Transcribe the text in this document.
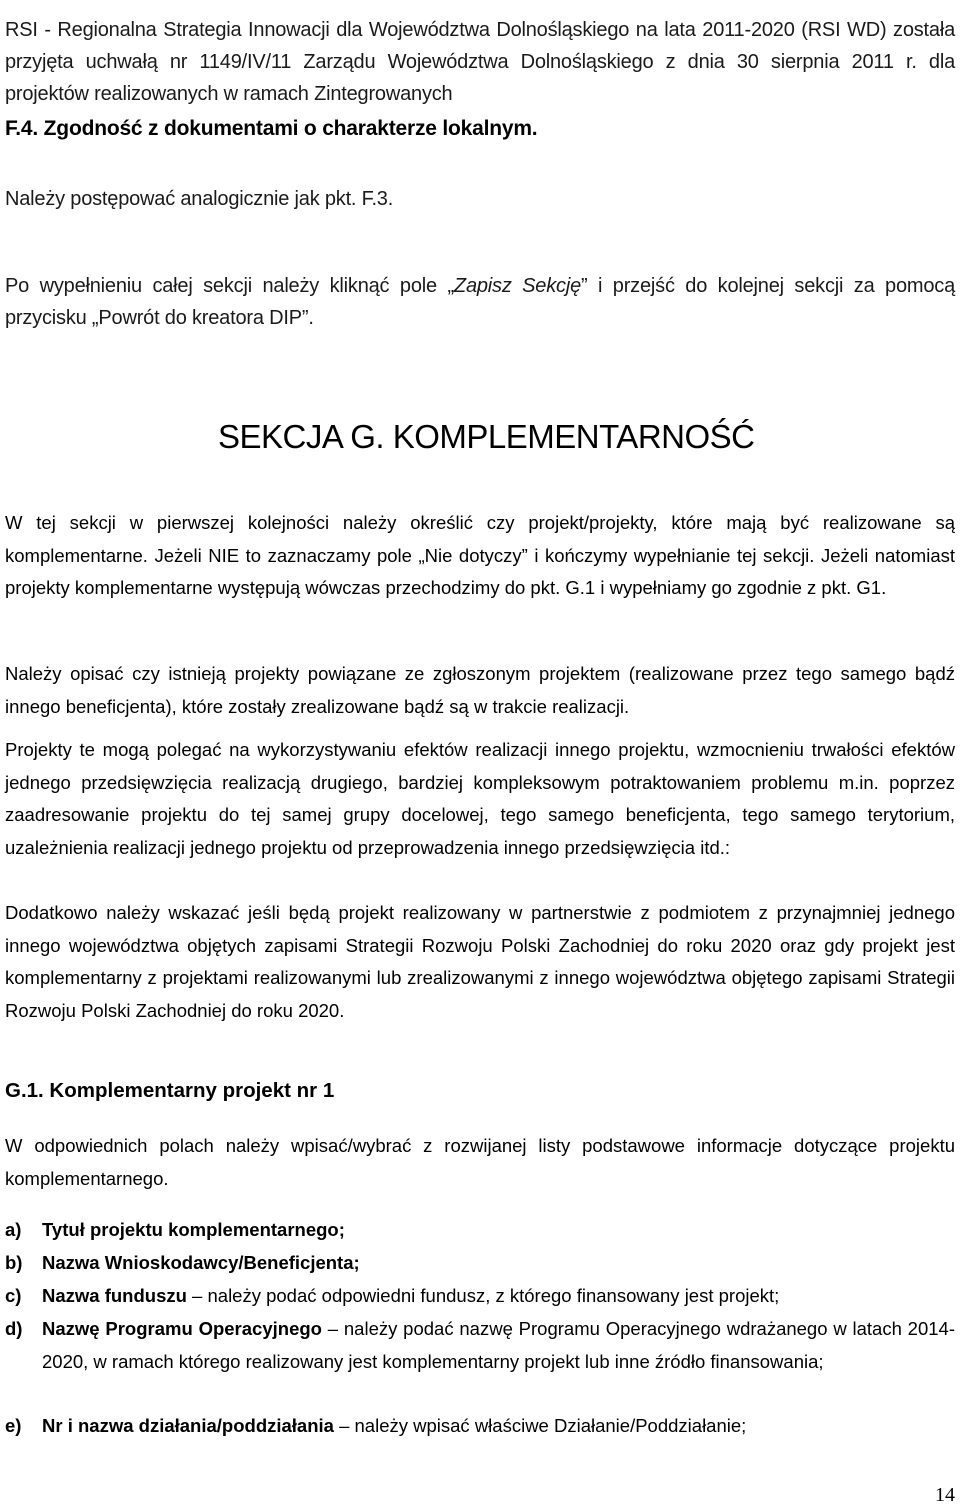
RSI - Regionalna Strategia Innowacji dla Województwa Dolnośląskiego na lata 2011-2020 (RSI WD) została przyjęta uchwałą nr 1149/IV/11 Zarządu Województwa Dolnośląskiego z dnia 30 sierpnia 2011 r. dla projektów realizowanych w ramach Zintegrowanych

F.4. Zgodność z dokumentami o charakterze lokalnym.
Należy postępować analogicznie jak pkt. F.3.

Po wypełnieniu całej sekcji należy kliknąć pole „Zapisz Sekcję” i przejść do kolejnej sekcji za pomocą przycisku „Powrót do kreatora DIP”.

SEKCJA G. KOMPLEMENTARNOŚĆ

W tej sekcji w pierwszej kolejności należy określić czy projekt/projekty, które mają być realizowane są komplementarne. Jeżeli NIE to zaznaczamy pole „Nie dotyczy” i kończymy wypełnianie tej sekcji. Jeżeli natomiast projekty komplementarne występują wówczas przechodzimy do pkt. G.1 i wypełniamy go zgodnie z pkt. G1.

Należy opisać czy istnieją projekty powiązane ze zgłoszonym projektem (realizowane przez tego samego bądź innego beneficjenta), które zostały zrealizowane bądź są w trakcie realizacji.

Projekty te mogą polegać na wykorzystywaniu efektów realizacji innego projektu, wzmocnieniu trwałości efektów jednego przedsięwzięcia realizacją drugiego, bardziej kompleksowym potraktowaniem problemu m.in. poprzez zaadresowanie projektu do tej samej grupy docelowej, tego samego beneficjenta, tego samego terytorium, uzależnienia realizacji jednego projektu od przeprowadzenia innego przedsięwzięcia itd.:

Dodatkowo należy wskazać jeśli będą projekt realizowany w partnerstwie z podmiotem z przynajmniej jednego innego województwa objętych zapisami Strategii Rozwoju Polski Zachodniej do roku 2020 oraz gdy projekt jest komplementarny z projektami realizowanymi lub zrealizowanymi z innego województwa objętego zapisami Strategii Rozwoju Polski Zachodniej do roku 2020.

G.1. Komplementarny projekt nr 1

W odpowiednich polach należy wpisać/wybrać z rozwijanej listy podstawowe informacje dotyczące projektu komplementarnego.

a) Tytuł projektu komplementarnego;
b) Nazwa Wnioskodawcy/Beneficjenta;
c) Nazwa funduszu – należy podać odpowiedni fundusz, z którego finansowany jest projekt;
d) Nazwę Programu Operacyjnego – należy podać nazwę Programu Operacyjnego wdrażanego w latach 2014-2020, w ramach którego realizowany jest komplementarny projekt lub inne źródło finansowania;
e) Nr i nazwa działania/poddziałania – należy wpisać właściwe Działanie/Poddziałanie;
14
